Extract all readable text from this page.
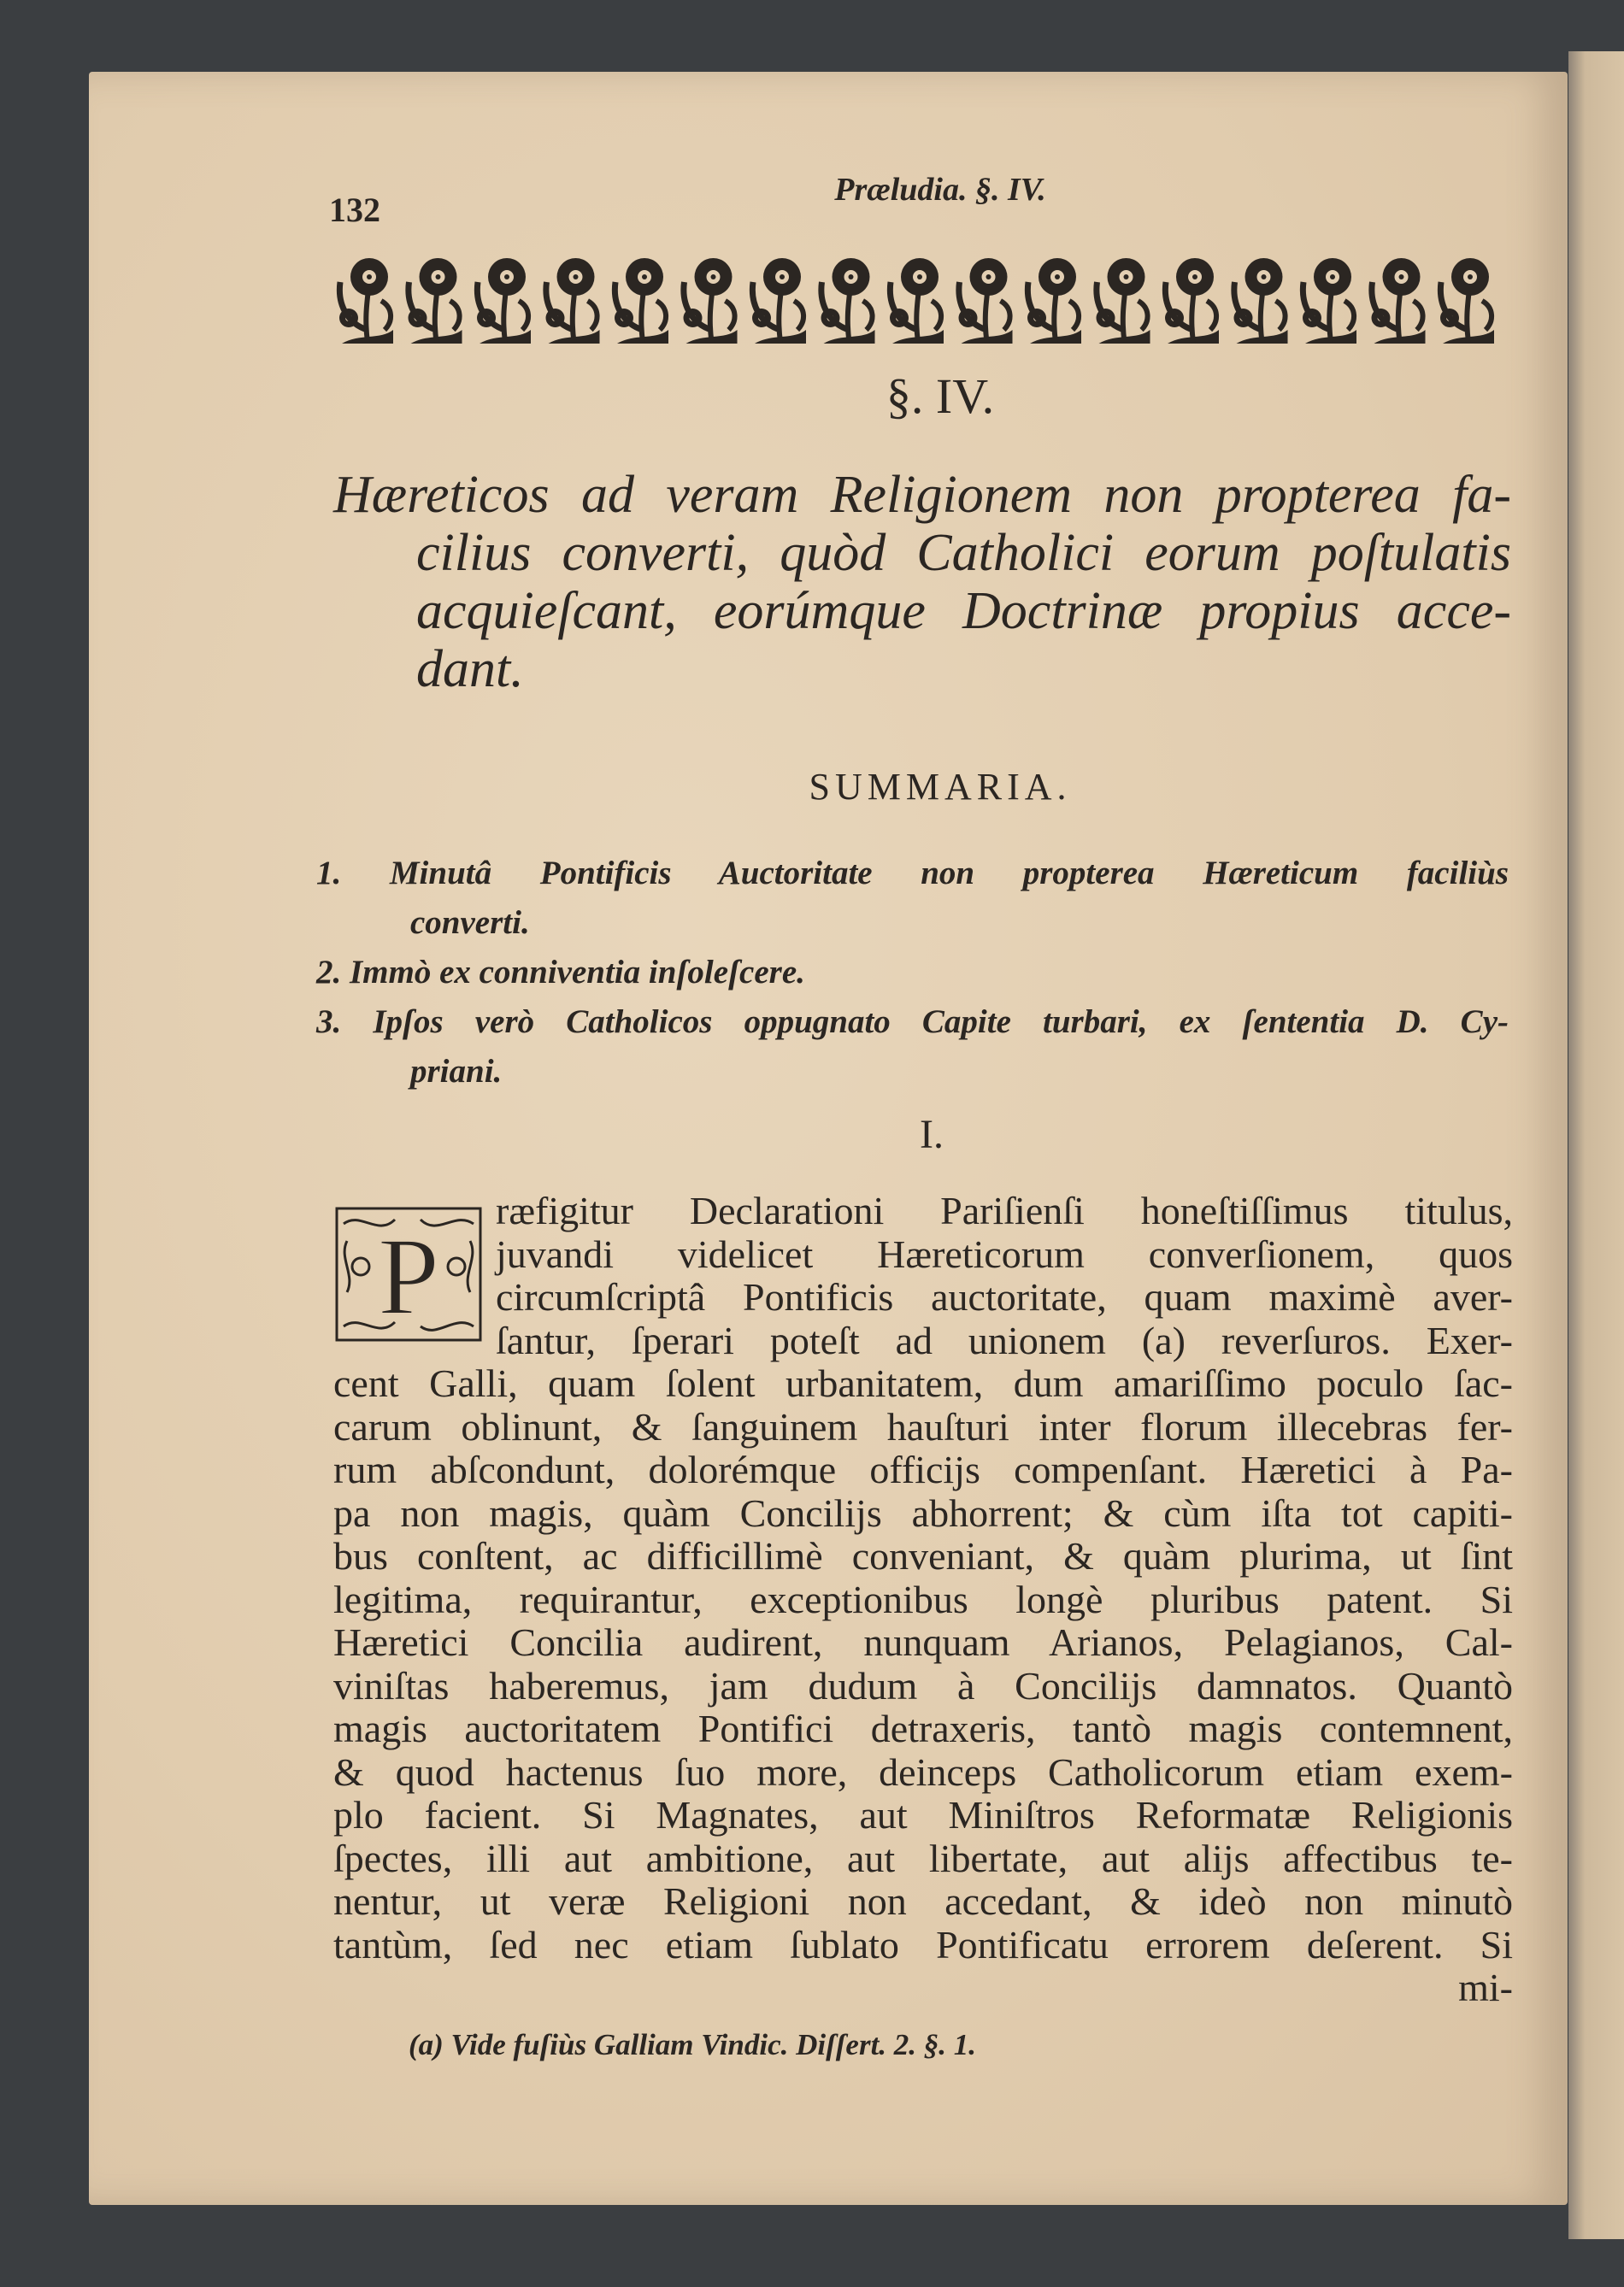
132
Præludia. §. IV.
§. IV.
Hæreticos ad veram Religionem non propterea fa-
cilius converti, quòd Catholici eorum poſtulatis
acquieſcant, eorúmque Doctrinæ propius acce-
dant.
SUMMARIA.
1. Minutâ Pontificis Auctoritate non propterea Hæreticum faciliùs
converti.
2. Immò ex conniventia inſoleſcere.
3. Ipſos verò Catholicos oppugnato Capite turbari, ex ſententia D. Cy-
priani.
I.
P
ræfigitur Declarationi Pariſienſi honeſtiſſimus titulus,
juvandi videlicet Hæreticorum converſionem, quos
circumſcriptâ Pontificis auctoritate, quam maximè aver-
ſantur, ſperari poteſt ad unionem (a) reverſuros. Exer-
cent Galli, quam ſolent urbanitatem, dum amariſſimo poculo ſac-
carum oblinunt, & ſanguinem hauſturi inter florum illecebras fer-
rum abſcondunt, dolorémque officijs compenſant. Hæretici à Pa-
pa non magis, quàm Concilijs abhorrent; & cùm iſta tot capiti-
bus conſtent, ac difficillimè conveniant, & quàm plurima, ut ſint
legitima, requirantur, exceptionibus longè pluribus patent. Si
Hæretici Concilia audirent, nunquam Arianos, Pelagianos, Cal-
viniſtas haberemus, jam dudum à Concilijs damnatos. Quantò
magis auctoritatem Pontifici detraxeris, tantò magis contemnent,
& quod hactenus ſuo more, deinceps Catholicorum etiam exem-
plo facient. Si Magnates, aut Miniſtros Reformatæ Religionis
ſpectes, illi aut ambitione, aut libertate, aut alijs affectibus te-
nentur, ut veræ Religioni non accedant, & ideò non minutò
tantùm, ſed nec etiam ſublato Pontificatu errorem deſerent. Si
mi-
(a) Vide fuſiùs Galliam Vindic. Diſſert. 2. §. 1.
